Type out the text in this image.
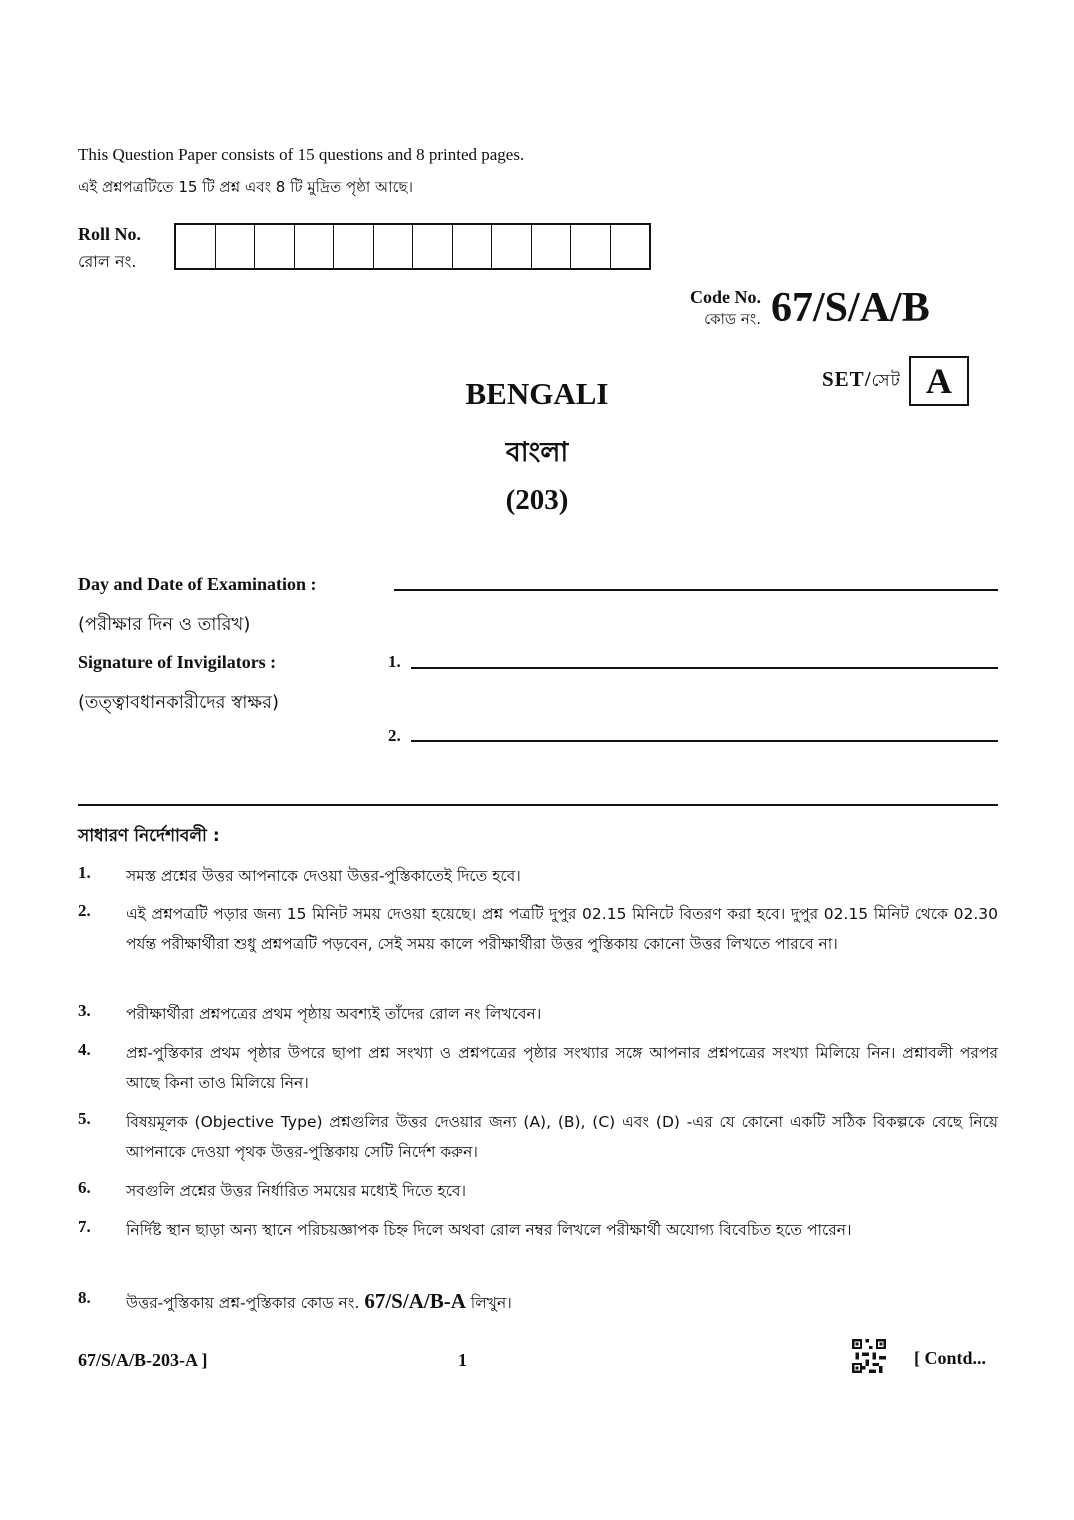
This Question Paper consists of 15 questions and 8 printed pages.
এই প্রশ্নপত্রটিতে 15 টি প্রশ্ন এবং 8 টি মুদ্রিত পৃষ্ঠা আছে।
Roll No.
রোল নং.
Code No.
কোড নং. 67/S/A/B
SET/সেট A
BENGALI
বাংলা
(203)
Day and Date of Examination :
(পরীক্ষার দিন ও তারিখ)
Signature of Invigilators :	1.
(তত্ত্বাবধানকারীদের স্বাক্ষর)
2.
সাধারণ নির্দেশাবলী :
1.	সমস্ত প্রশ্নের উত্তর আপনাকে দেওয়া উত্তর-পুস্তিকাতেই দিতে হবে।
2.	এই প্রশ্নপত্রটি পড়ার জন্য 15 মিনিট সময় দেওয়া হয়েছে। প্রশ্ন পত্রটি দুপুর 02.15 মিনিটে বিতরণ করা হবে। দুপুর 02.15 মিনিট থেকে 02.30 পর্যন্ত পরীক্ষার্থীরা শুধু প্রশ্নপত্রটি পড়বেন, সেই সময় কালে পরীক্ষার্থীরা উত্তর পুস্তিকায় কোনো উত্তর লিখতে পারবে না।
3.	পরীক্ষার্থীরা প্রশ্নপত্রের প্রথম পৃষ্ঠায় অবশ্যই তাঁদের রোল নং লিখবেন।
4.	প্রশ্ন-পুস্তিকার প্রথম পৃষ্ঠার উপরে ছাপা প্রশ্ন সংখ্যা ও প্রশ্নপত্রের পৃষ্ঠার সংখ্যার সঙ্গে আপনার প্রশ্নপত্রের সংখ্যা মিলিয়ে নিন। প্রশ্নাবলী পরপর আছে কিনা তাও মিলিয়ে নিন।
5.	বিষয়মূলক (Objective Type) প্রশ্নগুলির উত্তর দেওয়ার জন্য (A), (B), (C) এবং (D) -এর যে কোনো একটি সঠিক বিকল্পকে বেছে নিয়ে আপনাকে দেওয়া পৃথক উত্তর-পুস্তিকায় সেটি নির্দেশ করুন।
6.	সবগুলি প্রশ্নের উত্তর নির্ধারিত সময়ের মধ্যেই দিতে হবে।
7.	নির্দিষ্ট স্থান ছাড়া অন্য স্থানে পরিচয়জ্ঞাপক চিহ্ন দিলে অথবা রোল নম্বর লিখলে পরীক্ষার্থী অযোগ্য বিবেচিত হতে পারেন।
8.	উত্তর-পুস্তিকায় প্রশ্ন-পুস্তিকার কোড নং. 67/S/A/B-A লিখুন।
67/S/A/B-203-A ]	1	[ Contd...
